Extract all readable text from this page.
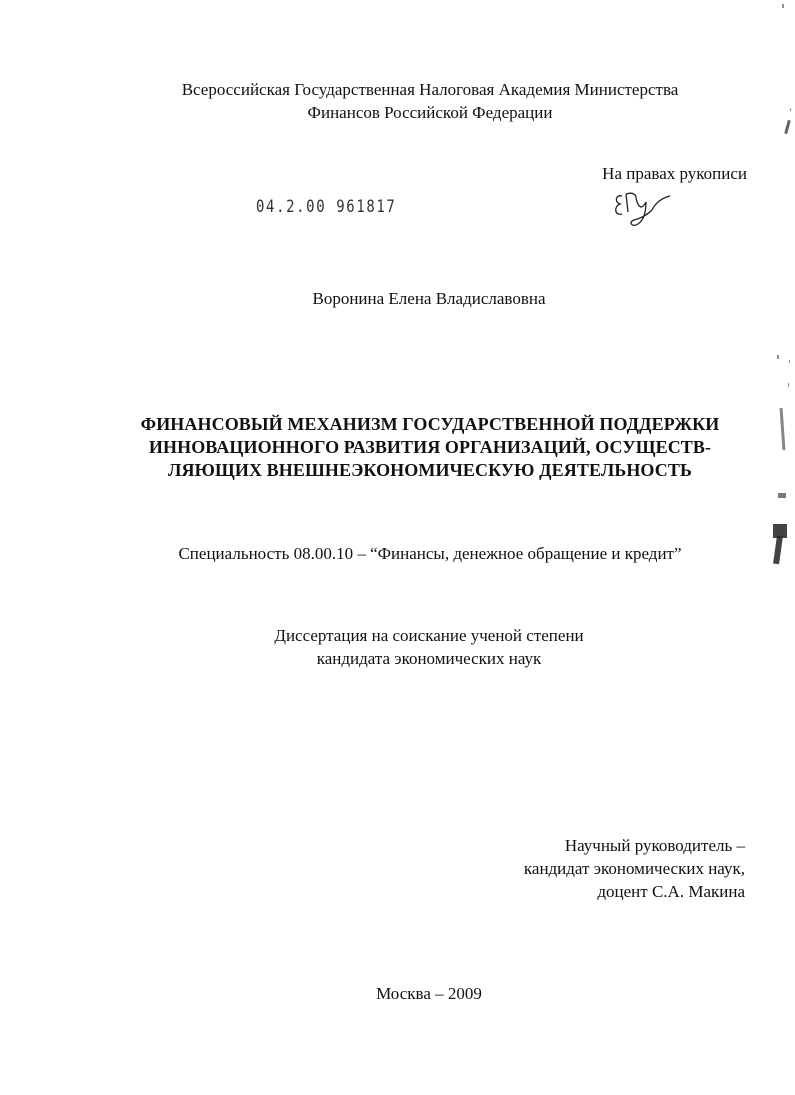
Всероссийская Государственная Налоговая Академия Министерства
Финансов Российской Федерации
На правах рукописи
04.2.00 961817
Воронина Елена Владиславовна
ФИНАНСОВЫЙ МЕХАНИЗМ ГОСУДАРСТВЕННОЙ ПОДДЕРЖКИ
ИННОВАЦИОННОГО РАЗВИТИЯ ОРГАНИЗАЦИЙ, ОСУЩЕСТВ-
ЛЯЮЩИХ ВНЕШНЕЭКОНОМИЧЕСКУЮ ДЕЯТЕЛЬНОСТЬ
Специальность 08.00.10 – “Финансы, денежное обращение и кредит”
Диссертация на соискание ученой степени
кандидата экономических наук
Научный руководитель –
кандидат экономических наук,
доцент С.А. Макина
Москва – 2009
